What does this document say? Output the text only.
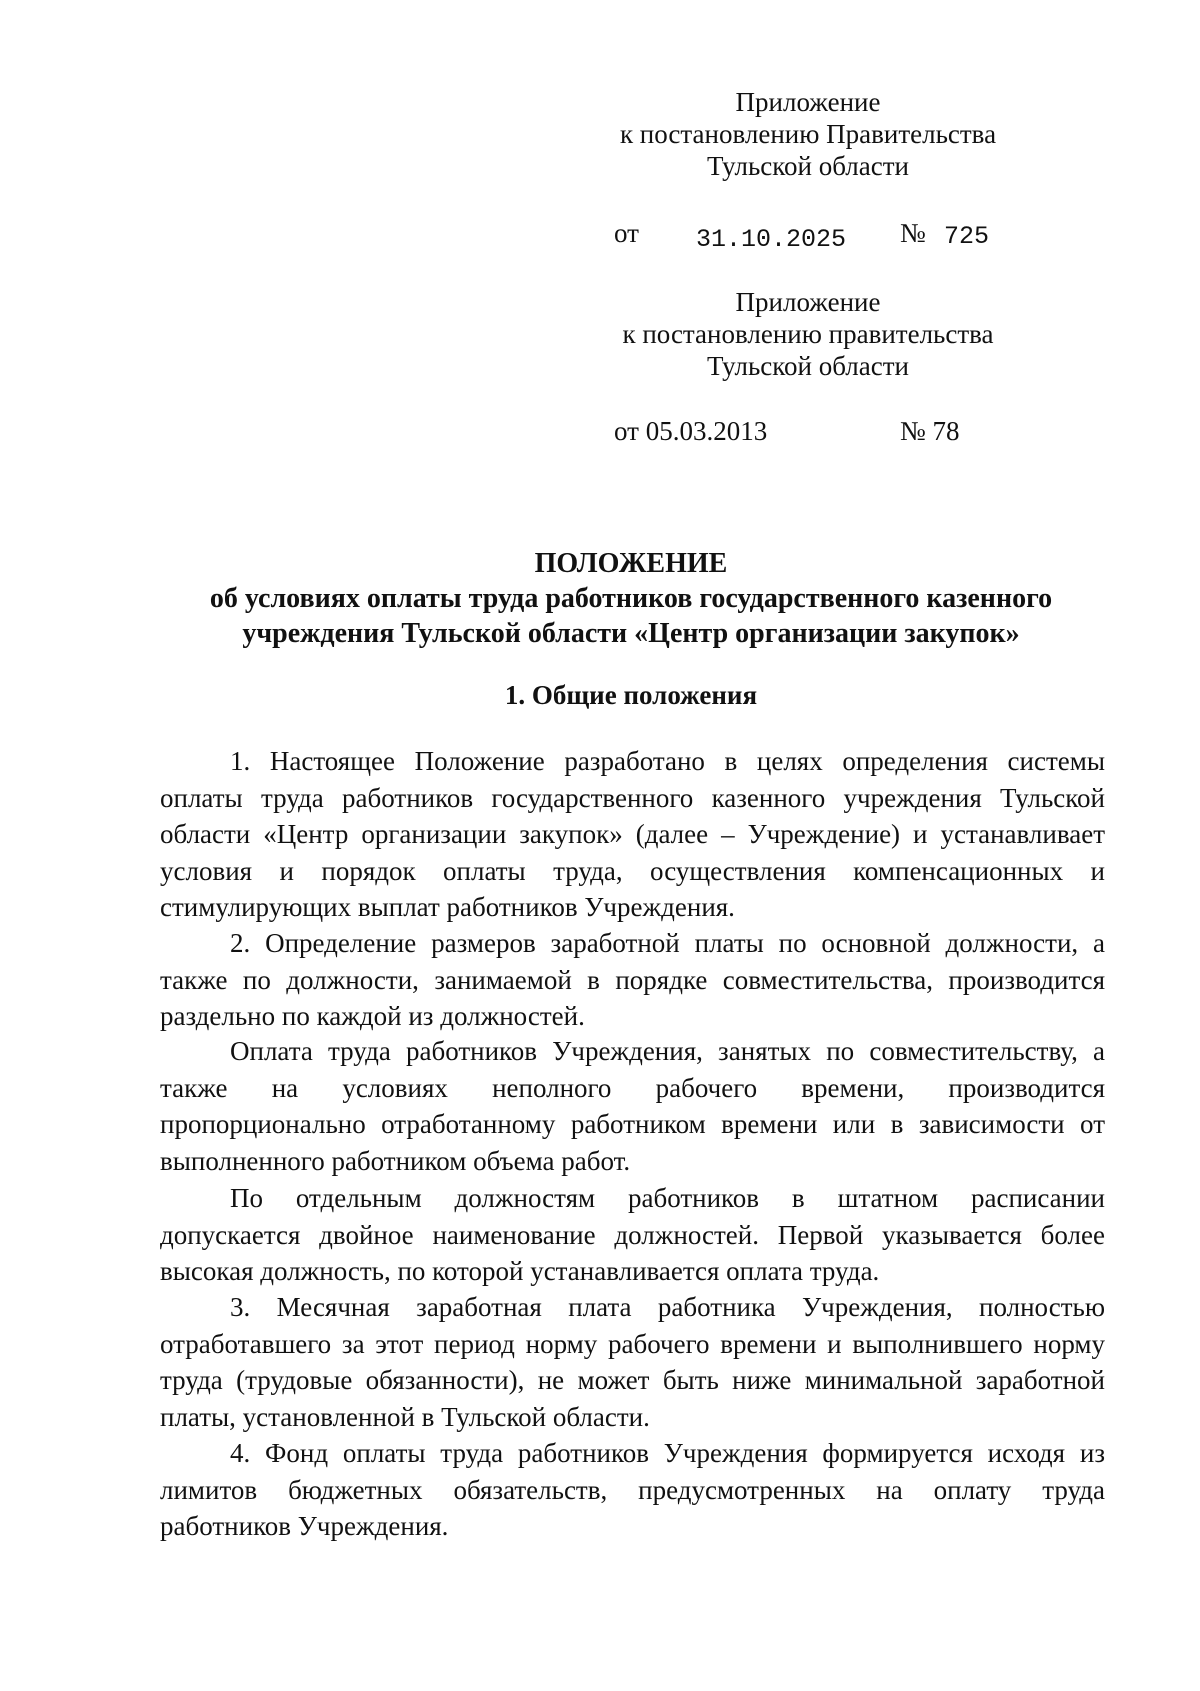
Приложение
к постановлению Правительства
Тульской области
от 31.10.2025 № 725
Приложение
к постановлению правительства
Тульской области
от 05.03.2013	№ 78
ПОЛОЖЕНИЕ
об условиях оплаты труда работников государственного казенного
учреждения Тульской области «Центр организации закупок»
1. Общие положения
1. Настоящее Положение разработано в целях определения системы
оплаты труда работников государственного казенного учреждения Тульской
области «Центр организации закупок» (далее – Учреждение) и устанавливает
условия и порядок оплаты труда, осуществления компенсационных и
стимулирующих выплат работников Учреждения.
2. Определение размеров заработной платы по основной должности, а
также по должности, занимаемой в порядке совместительства, производится
раздельно по каждой из должностей.
Оплата труда работников Учреждения, занятых по совместительству, а
также на условиях неполного рабочего времени, производится
пропорционально отработанному работником времени или в зависимости от
выполненного работником объема работ.
По отдельным должностям работников в штатном расписании
допускается двойное наименование должностей. Первой указывается более
высокая должность, по которой устанавливается оплата труда.
3. Месячная заработная плата работника Учреждения, полностью
отработавшего за этот период норму рабочего времени и выполнившего норму
труда (трудовые обязанности), не может быть ниже минимальной заработной
платы, установленной в Тульской области.
4. Фонд оплаты труда работников Учреждения формируется исходя из
лимитов бюджетных обязательств, предусмотренных на оплату труда
работников Учреждения.
